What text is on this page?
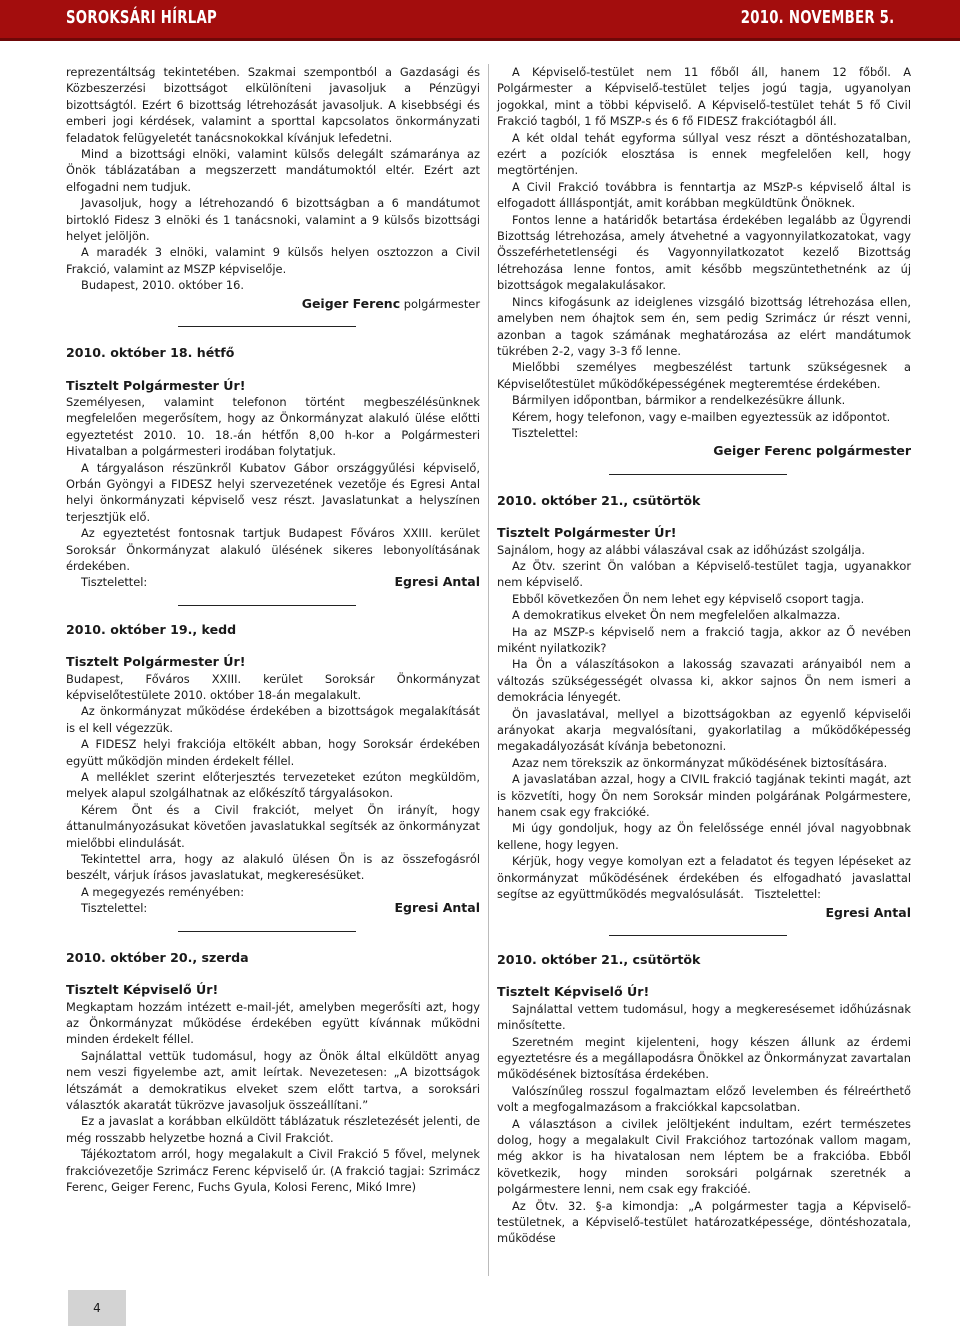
SOROKSÁRI HÍRLAP	2010. NOVEMBER 5.

reprezentáltság tekintetében. Szakmai szempontból a Gazdasági és Közbeszerzési bizottságot elkülöníteni javasoljuk a Pénzügyi bizottságtól. Ezért 6 bizottság létrehozását javasoljuk. A kisebbségi és emberi jogi kérdések, valamint a sporttal kapcsolatos önkormányzati feladatok felügyeletét tanácsnokokkal kívánjuk lefedetni.

Mind a bizottsági elnöki, valamint külsős delegált számaránya az Önök táblázatában a megszerzett mandátumoktól eltér. Ezért azt elfogadni nem tudjuk.

Javasoljuk, hogy a létrehozandó 6 bizottságban a 6 mandátumot birtokló Fidesz 3 elnöki és 1 tanácsnoki, valamint a 9 külsős bizottsági helyet jelöljön.

A maradék 3 elnöki, valamint 9 külsős helyen osztozzon a Civil Frakció, valamint az MSZP képviselője.

Budapest, 2010. október 16.

Geiger Ferenc polgármester

2010. október 18. hétfő
Tisztelt Polgármester Úr!

Személyesen, valamint telefonon történt megbeszélésünknek megfelelően megerősítem, hogy az Önkormányzat alakuló ülése előtti egyeztetést 2010. 10. 18.-án hétfőn 8,00 h-kor a Polgármesteri Hivatalban a polgármesteri irodában folytatjuk.

A tárgyaláson részünkről Kubatov Gábor országgyűlési képviselő, Orbán Gyöngyi a FIDESZ helyi szervezetének vezetője és Egresi Antal helyi önkormányzati képviselő vesz részt. Javaslatunkat a helyszínen terjesztjük elő.

Az egyeztetést fontosnak tartjuk Budapest Főváros XXIII. kerület Soroksár Önkormányzat alakuló ülésének sikeres lebonyolításának érdekében.

Tisztelettel:	Egresi Antal

2010. október 19., kedd
Tisztelt Polgármester Úr!

Budapest, Főváros XXIII. kerület Soroksár Önkormányzat képviselőtestülete 2010. október 18-án megalakult.

Az önkormányzat működése érdekében a bizottságok megalakítását is el kell végezzük.

A FIDESZ helyi frakciója eltökélt abban, hogy Soroksár érdekében együtt működjön minden érdekelt féllel.

A melléklet szerint előterjesztés tervezeteket ezúton megküldöm, melyek alapul szolgálhatnak az előkészítő tárgyalásokon.

Kérem Önt és a Civil frakciót, melyet Ön irányít, hogy áttanulmányozásukat követően javaslatukkal segítsék az önkormányzat mielőbbi elindulását.

Tekintettel arra, hogy az alakuló ülésen Ön is az összefogásról beszélt, várjuk írásos javaslatukat, megkeresésüket.

A megegyezés reményében:

Tisztelettel:	Egresi Antal

2010. október 20., szerda
Tisztelt Képviselő Úr!

Megkaptam hozzám intézett e-mail-jét, amelyben megerősíti azt, hogy az Önkormányzat működése érdekében együtt kívánnak működni minden érdekelt féllel.

Sajnálattal vettük tudomásul, hogy az Önök által elküldött anyag nem veszi figyelembe azt, amit leírtak. Nevezetesen: „A bizottságok létszámát a demokratikus elveket szem előtt tartva, a soroksári választók akaratát tükrözve javasoljuk összeállítani.”

Ez a javaslat a korábban elküldött táblázatuk részletezését jelenti, de még rosszabb helyzetbe hozná a Civil Frakciót.

Tájékoztatom arról, hogy megalakult a Civil Frakció 5 fővel, melynek frakcióvezetője Szrimácz Ferenc képviselő úr. (A frakció tagjai: Szrimácz Ferenc, Geiger Ferenc, Fuchs Gyula, Kolosi Ferenc, Mikó Imre)

A Képviselő-testület nem 11 főből áll, hanem 12 főből. A Polgármester a Képviselő-testület teljes jogú tagja, ugyanolyan jogokkal, mint a többi képviselő. A Képviselő-testület tehát 5 fő Civil Frakció tagból, 1 fő MSZP-s és 6 fő FIDESZ frakciótagból áll.

A két oldal tehát egyforma súllyal vesz részt a döntéshozatalban, ezért a pozíciók elosztása is ennek megfelelően kell, hogy megtörténjen.

A Civil Frakció továbbra is fenntartja az MSzP-s képviselő által is elfogadott állláspontját, amit korábban megküldtünk Önöknek.

Fontos lenne a határidők betartása érdekében legalább az Ügyrendi Bizottság létrehozása, amely átvehetné a vagyonnyilatkozatokat, vagy Összeférhetetlenségi és Vagyonnyilatkozatot kezelő Bizottság létrehozása lenne fontos, amit később megszüntethetnénk az új bizottságok megalakulásakor.

Nincs kifogásunk az ideiglenes vizsgáló bizottság létrehozása ellen, amelyben nem óhajtok sem én, sem pedig Szrimácz úr részt venni, azonban a tagok számának meghatározása az elért mandátumok tükrében 2-2, vagy 3-3 fő lenne.

Mielőbbi személyes megbeszélést tartunk szükségesnek a Képviselőtestület működőképességének megteremtése érdekében.

Bármilyen időpontban, bármikor a rendelkezésükre állunk.

Kérem, hogy telefonon, vagy e-mailben egyeztessük az időpontot.

Tisztelettel:

Geiger Ferenc polgármester

2010. október 21., csütörtök
Tisztelt Polgármester Úr!

Sajnálom, hogy az alábbi válaszával csak az időhúzást szolgálja.

Az Ötv. szerint Ön valóban a Képviselő-testület tagja, ugyanakkor nem képviselő.

Ebből következően Ön nem lehet egy képviselő csoport tagja.

A demokratikus elveket Ön nem megfelelően alkalmazza.

Ha az MSZP-s képviselő nem a frakció tagja, akkor az Ő nevében miként nyilatkozik?

Ha Ön a válaszításokon a lakosság szavazati arányaiból nem a változás szükségességét olvassa ki, akkor sajnos Ön nem ismeri a demokrácia lényegét.

Ön javaslatával, mellyel a bizottságokban az egyenlő képviselői arányokat akarja megvalósítani, gyakorlatilag a működőképesség megakadályozását kívánja bebetonozni.

Azaz nem törekszik az önkormányzat működésének biztosítására.

A javaslatában azzal, hogy a CIVIL frakció tagjának tekinti magát, azt is közvetíti, hogy Ön nem Soroksár minden polgárának Polgármestere, hanem csak egy frakcióké.

Mi úgy gondoljuk, hogy az Ön felelőssége ennél jóval nagyobbnak kellene, hogy legyen.

Kérjük, hogy vegye komolyan ezt a feladatot és tegyen lépéseket az önkormányzat működésének érdekében és elfogadható javaslattal segítse az együttműködés megvalósulását. Tisztelettel:

Egresi Antal

2010. október 21., csütörtök
Tisztelt Képviselő Úr!

Sajnálattal vettem tudomásul, hogy a megkeresésemet időhúzásnak minősítette.

Szeretném megint kijelenteni, hogy készen állunk az érdemi egyeztetésre és a megállapodásra Önökkel az Önkormányzat zavartalan működésének biztosítása érdekében.

Valószínűleg rosszul fogalmaztam előző levelemben és félreérthető volt a megfogalmazásom a frakciókkal kapcsolatban.

A választáson a civilek jelöltjeként indultam, ezért természetes dolog, hogy a megalakult Civil Frakcióhoz tartozónak vallom magam, még akkor is ha hivatalosan nem léptem be a frakcióba. Ebből következik, hogy minden soroksári polgárnak szeretnék a polgármestere lenni, nem csak egy frakcióé.

Az Ötv. 32. §-a kimondja: „A polgármester tagja a Képviselő-testületnek, a Képviselő-testület határozatképessége, döntéshozatala, működése

4
